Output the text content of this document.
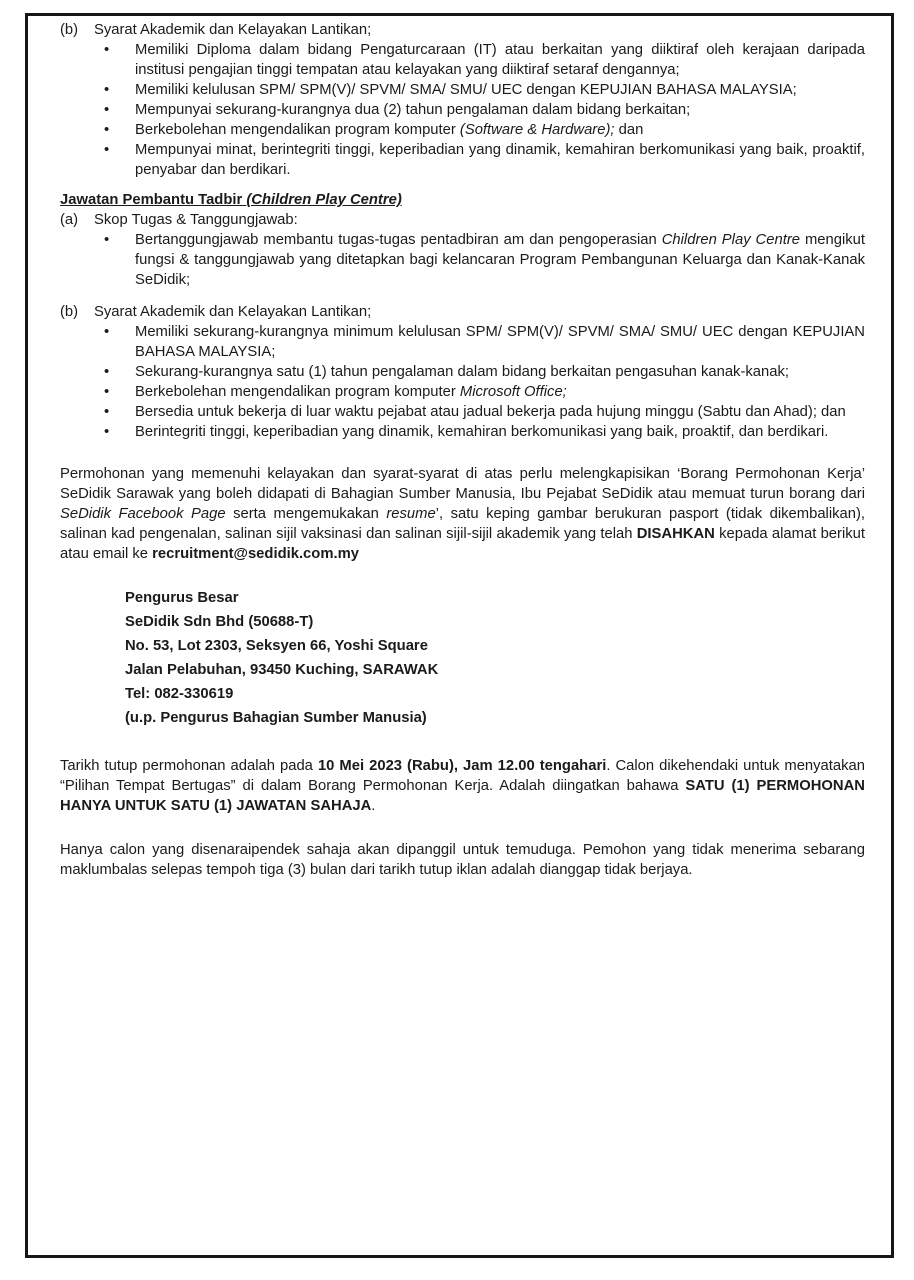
(b)	Syarat Akademik dan Kelayakan Lantikan;
•	Memiliki Diploma dalam bidang Pengaturcaraan (IT) atau berkaitan yang diiktiraf oleh kerajaan daripada institusi pengajian tinggi tempatan atau kelayakan yang diiktiraf setaraf dengannya;
•	Memiliki kelulusan SPM/ SPM(V)/ SPVM/ SMA/ SMU/ UEC dengan KEPUJIAN BAHASA MALAYSIA;
•	Mempunyai sekurang-kurangnya dua (2) tahun pengalaman dalam bidang berkaitan;
•	Berkebolehan mengendalikan program komputer (Software & Hardware); dan
•	Mempunyai minat, berintegriti tinggi, keperibadian yang dinamik, kemahiran berkomunikasi yang baik, proaktif, penyabar dan berdikari.
Jawatan Pembantu Tadbir (Children Play Centre)
(a)	Skop Tugas & Tanggungjawab:
•	Bertanggungjawab membantu tugas-tugas pentadbiran am dan pengoperasian Children Play Centre mengikut fungsi & tanggungjawab yang ditetapkan bagi kelancaran Program Pembangunan Keluarga dan Kanak-Kanak SeDidik;
(b)	Syarat Akademik dan Kelayakan Lantikan;
•	Memiliki sekurang-kurangnya minimum kelulusan SPM/ SPM(V)/ SPVM/ SMA/ SMU/ UEC dengan KEPUJIAN BAHASA MALAYSIA;
•	Sekurang-kurangnya satu (1) tahun pengalaman dalam bidang berkaitan pengasuhan kanak-kanak;
•	Berkebolehan mengendalikan program komputer Microsoft Office;
•	Bersedia untuk bekerja di luar waktu pejabat atau jadual bekerja pada hujung minggu (Sabtu dan Ahad); dan
•	Berintegriti tinggi, keperibadian yang dinamik, kemahiran berkomunikasi yang baik, proaktif, dan berdikari.

Permohonan yang memenuhi kelayakan dan syarat-syarat di atas perlu melengkapisikan ‘Borang Permohonan Kerja’ SeDidik Sarawak yang boleh didapati di Bahagian Sumber Manusia, Ibu Pejabat SeDidik atau memuat turun borang dari SeDidik Facebook Page serta mengemukakan resume’, satu keping gambar berukuran pasport (tidak dikembalikan), salinan kad pengenalan, salinan sijil vaksinasi dan salinan sijil-sijil akademik yang telah DISAHKAN kepada alamat berikut atau email ke recruitment@sedidik.com.my

Pengurus Besar
SeDidik Sdn Bhd (50688-T)
No. 53, Lot 2303, Seksyen 66, Yoshi Square
Jalan Pelabuhan, 93450 Kuching, SARAWAK
Tel: 082-330619
(u.p. Pengurus Bahagian Sumber Manusia)

Tarikh tutup permohonan adalah pada 10 Mei 2023 (Rabu), Jam 12.00 tengahari. Calon dikehendaki untuk menyatakan “Pilihan Tempat Bertugas” di dalam Borang Permohonan Kerja. Adalah diingatkan bahawa SATU (1) PERMOHONAN HANYA UNTUK SATU (1) JAWATAN SAHAJA.

Hanya calon yang disenaraipendek sahaja akan dipanggil untuk temuduga. Pemohon yang tidak menerima sebarang maklumbalas selepas tempoh tiga (3) bulan dari tarikh tutup iklan adalah dianggap tidak berjaya.
